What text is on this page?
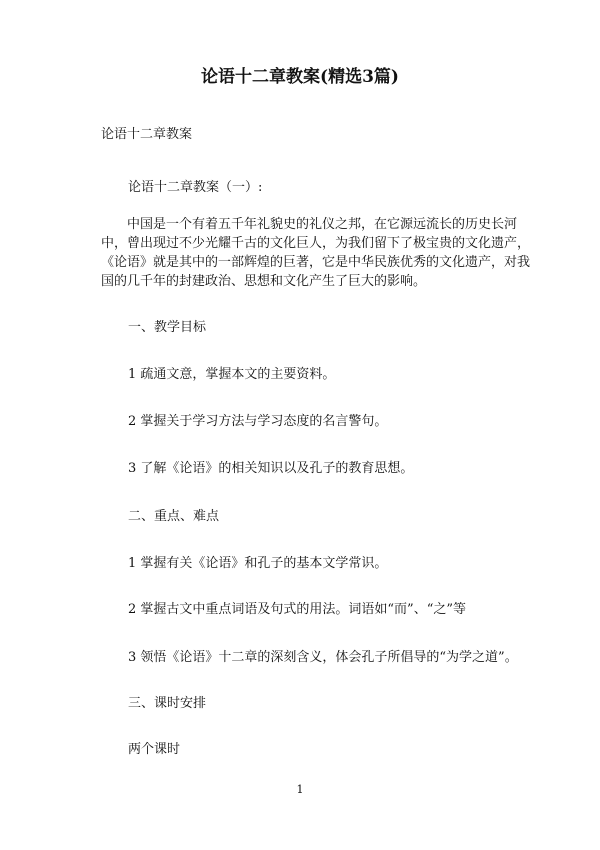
论语十二章教案(精选3篇)
论语十二章教案
论语十二章教案（一）:
中国是一个有着五千年礼貌史的礼仪之邦，在它源远流长的历史长河
中，曾出现过不少光耀千古的文化巨人，为我们留下了极宝贵的文化遗产，
《论语》就是其中的一部辉煌的巨著，它是中华民族优秀的文化遗产，对我
国的几千年的封建政治、思想和文化产生了巨大的影响。
一、教学目标
1 疏通文意，掌握本文的主要资料。
2 掌握关于学习方法与学习态度的名言警句。
3 了解《论语》的相关知识以及孔子的教育思想。
二、重点、难点
1 掌握有关《论语》和孔子的基本文学常识。
2 掌握古文中重点词语及句式的用法。词语如“而”、“之”等
3 领悟《论语》十二章的深刻含义，体会孔子所倡导的“为学之道”。
三、课时安排
两个课时
1
